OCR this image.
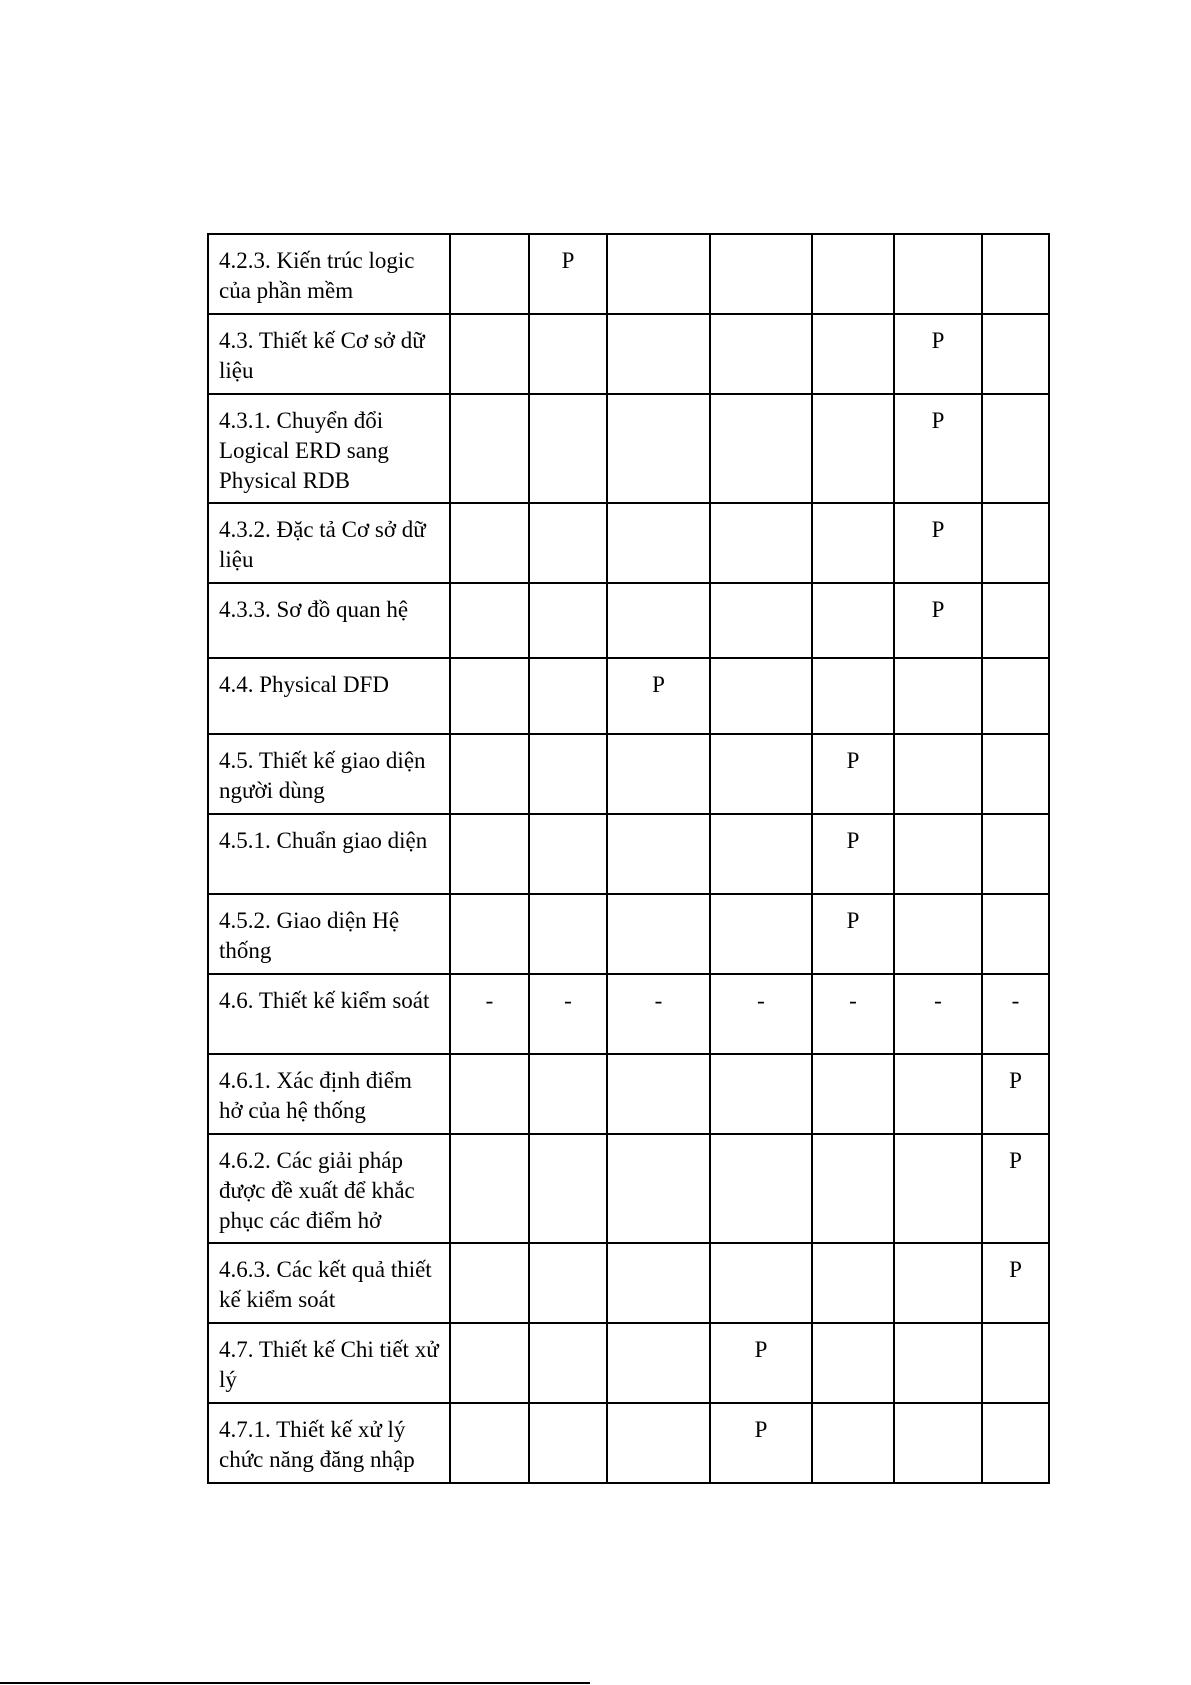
4.2.3. Kiến trúc logic của phần mềm		P					
4.3. Thiết kế Cơ sở dữ liệu						P	
4.3.1. Chuyển đổi Logical ERD sang Physical RDB						P	
4.3.2. Đặc tả Cơ sở dữ liệu						P	
4.3.3. Sơ đồ quan hệ						P	
4.4. Physical DFD			P				
4.5. Thiết kế giao diện người dùng					P		
4.5.1. Chuẩn giao diện					P		
4.5.2. Giao diện Hệ thống					P		
4.6. Thiết kế kiểm soát	-	-	-	-	-	-	-
4.6.1. Xác định điểm hở của hệ thống							P
4.6.2. Các giải pháp được đề xuất để khắc phục các điểm hở							P
4.6.3. Các kết quả thiết kế kiểm soát							P
4.7. Thiết kế Chi tiết xử lý				P			
4.7.1. Thiết kế xử lý chức năng đăng nhập				P			
